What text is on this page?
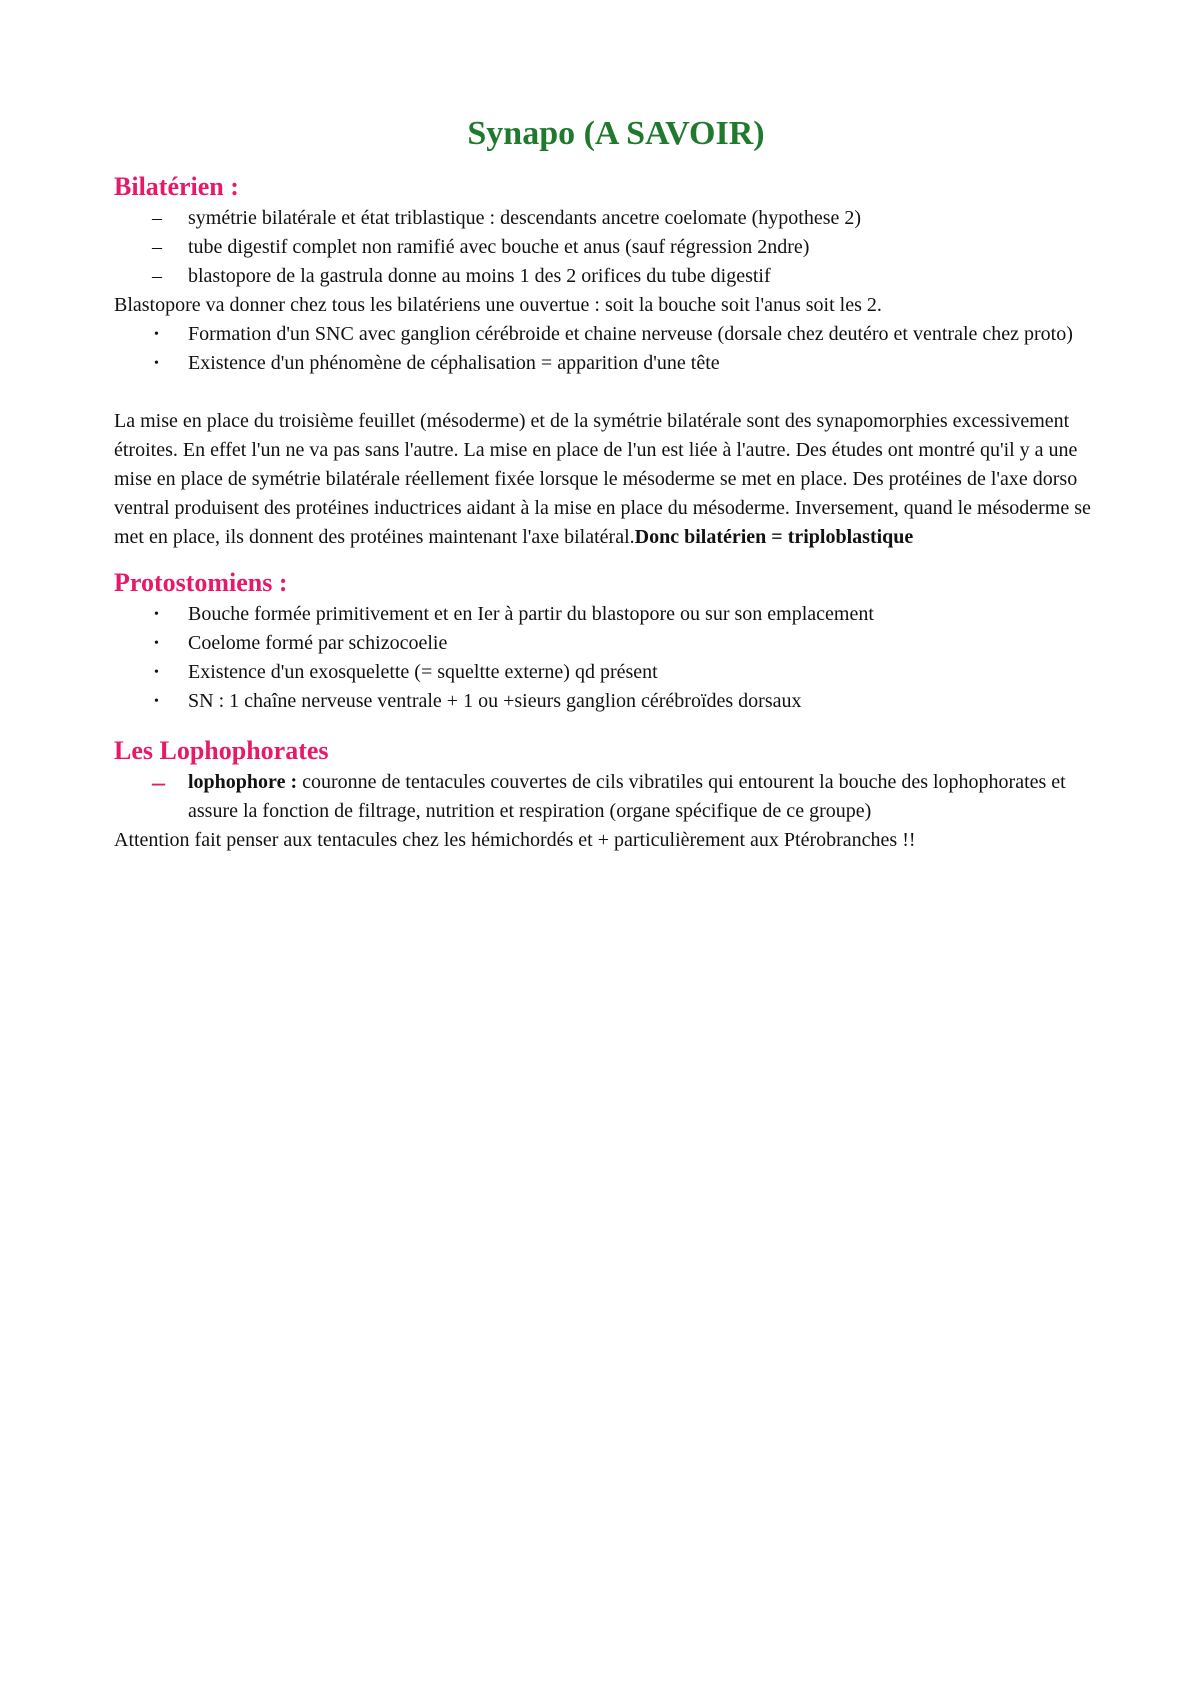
Synapo (A SAVOIR)
Bilatérien :
–	symétrie bilatérale et état triblastique : descendants ancetre coelomate (hypothese 2)
–	tube digestif complet non ramifié avec bouche et anus (sauf régression 2ndre)
–	blastopore de la gastrula donne au moins 1 des 2 orifices du tube digestif

Blastopore va donner chez tous les bilatériens une ouvertue : soit la bouche soit l'anus soit les 2.

•	Formation d'un SNC avec ganglion cérébroide et chaine nerveuse (dorsale chez deutéro et ventrale chez proto)
•	Existence d'un phénomène de céphalisation = apparition d'une tête

La mise en place du troisième feuillet (mésoderme) et de la symétrie bilatérale sont des synapomorphies excessivement étroites. En effet l'un ne va pas sans l'autre. La mise en place de l'un est liée à l'autre. Des études ont montré qu'il y a une mise en place de symétrie bilatérale réellement fixée lorsque le mésoderme se met en place. Des protéines de l'axe dorso ventral produisent des protéines inductrices aidant à la mise en place du mésoderme. Inversement, quand le mésoderme se met en place, ils donnent des protéines maintenant l'axe bilatéral.Donc bilatérien = triploblastique

Protostomiens :
•	Bouche formée primitivement et en Ier à partir du blastopore ou sur son emplacement
•	Coelome formé par schizocoelie
•	Existence d'un exosquelette (= squeltte externe) qd présent
•	SN : 1 chaîne nerveuse ventrale + 1 ou +sieurs ganglion cérébroïdes dorsaux
Les Lophophorates
–	lophophore : couronne de tentacules couvertes de cils vibratiles qui entourent la bouche des lophophorates et assure la fonction de filtrage, nutrition et respiration (organe spécifique de ce groupe)

Attention fait penser aux tentacules chez les hémichordés et + particulièrement aux Ptérobranches !!
